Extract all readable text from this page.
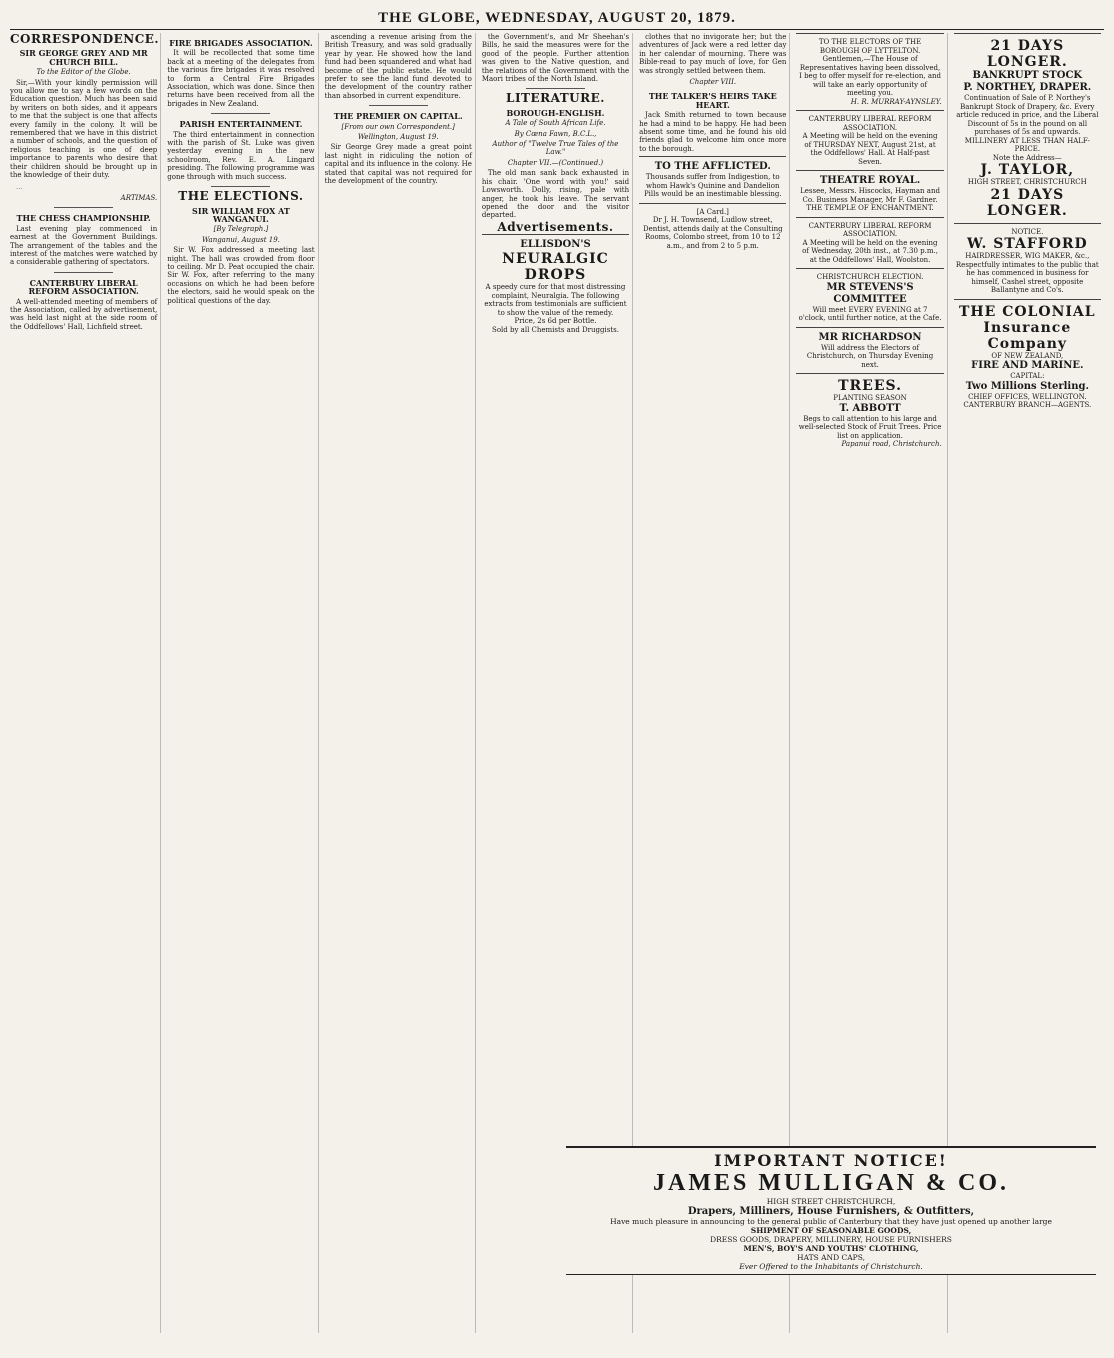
THE GLOBE, WEDNESDAY, AUGUST 20, 1879.
CORRESPONDENCE.
SIR GEORGE GREY AND MR CHURCH BILL.
To the Editor of the Globe.

Sir,—With your kindly permission will you allow me to say a few words on the Education question. Much has been said by writers on both sides, and it appears to me that the subject is one that affects every family in the colony. It will be remembered that we have in this district a number of schools, and the question of religious teaching is one of deep importance to parents who desire that their children should be brought up in the knowledge of their duty.

…

ARTIMAS.
THE CHESS CHAMPIONSHIP.

Last evening play commenced in earnest at the Government Buildings. The arrangement of the tables and the interest of the matches were watched by a considerable gathering of spectators.

CANTERBURY LIBERAL REFORM ASSOCIATION.

A well-attended meeting of members of the Association, called by advertisement, was held last night at the side room of the Oddfellows' Hall, Lichfield street.

FIRE BRIGADES ASSOCIATION.

It will be recollected that some time back at a meeting of the delegates from the various fire brigades it was resolved to form a Central Fire Brigades Association, which was done. Since then returns have been received from all the brigades in New Zealand.

PARISH ENTERTAINMENT.

The third entertainment in connection with the parish of St. Luke was given yesterday evening in the new schoolroom, Rev. E. A. Lingard presiding. The following programme was gone through with much success.

THE ELECTIONS.
SIR WILLIAM FOX AT WANGANUI.
[By Telegraph.]
Wanganui, August 19.

Sir W. Fox addressed a meeting last night. The hall was crowded from floor to ceiling. Mr D. Peat occupied the chair. Sir W. Fox, after referring to the many occasions on which he had been before the electors, said he would speak on the political questions of the day.

ascending a revenue arising from the British Treasury, and was sold gradually year by year. He showed how the land fund had been squandered and what had become of the public estate. He would prefer to see the land fund devoted to the development of the country rather than absorbed in current expenditure.

THE PREMIER ON CAPITAL.
[From our own Correspondent.]
Wellington, August 19.

Sir George Grey made a great point last night in ridiculing the notion of capital and its influence in the colony. He stated that capital was not required for the development of the country.

the Government's, and Mr Sheehan's Bills, he said the measures were for the good of the people. Further attention was given to the Native question, and the relations of the Government with the Maori tribes of the North Island.

LITERATURE.
BOROUGH-ENGLISH.
A Tale of South African Life.
By Cœna Fawn, B.C.L.,
Author of "Twelve True Tales of the Law."
Chapter VII.—(Continued.)

The old man sank back exhausted in his chair. 'One word with you!' said Lowsworth. Dolly, rising, pale with anger, he took his leave. The servant opened the door and the visitor departed.

Advertisements.
ELLISDON'S
NEURALGIC DROPS
A speedy cure for that most distressing complaint, Neuralgia. The following extracts from testimonials are sufficient to show the value of the remedy.
Price, 2s 6d per Bottle.
Sold by all Chemists and Druggists.

clothes that no invigorate her; but the adventures of Jack were a red letter day in her calendar of mourning. There was Bible-read to pay much of love, for Gen was strongly settled between them.

Chapter VIII.
THE TALKER'S HEIRS TAKE HEART.

Jack Smith returned to town because he had a mind to be happy. He had been absent some time, and he found his old friends glad to welcome him once more to the borough.

TO THE AFFLICTED.
Thousands suffer from Indigestion, to whom Hawk's Quinine and Dandelion Pills would be an inestimable blessing.
[A Card.]
Dr J. H. Townsend, Ludlow street, Dentist, attends daily at the Consulting Rooms, Colombo street, from 10 to 12 a.m., and from 2 to 5 p.m.
TO THE ELECTORS OF THE BOROUGH OF LYTTELTON.
Gentlemen,—The House of Representatives having been dissolved, I beg to offer myself for re-election, and will take an early opportunity of meeting you.
H. R. MURRAY-AYNSLEY.
CANTERBURY LIBERAL REFORM ASSOCIATION.
A Meeting will be held on the evening of THURSDAY NEXT, August 21st, at the Oddfellows' Hall. At Half-past Seven.
THEATRE ROYAL.
Lessee, Messrs. Hiscocks, Hayman and Co. Business Manager, Mr F. Gardner. THE TEMPLE OF ENCHANTMENT.
CANTERBURY LIBERAL REFORM ASSOCIATION.
A Meeting will be held on the evening of Wednesday, 20th inst., at 7.30 p.m., at the Oddfellows' Hall, Woolston.
CHRISTCHURCH ELECTION.
MR STEVENS'S COMMITTEE
Will meet EVERY EVENING at 7 o'clock, until further notice, at the Cafe.
MR RICHARDSON
Will address the Electors of Christchurch, on Thursday Evening next.
TREES.
PLANTING SEASON
T. ABBOTT
Begs to call attention to his large and well-selected Stock of Fruit Trees. Price list on application.
Papanui road, Christchurch.
21 DAYS LONGER.
BANKRUPT STOCK
P. NORTHEY, DRAPER.
Continuation of Sale of P. Northey's Bankrupt Stock of Drapery, &c. Every article reduced in price, and the Liberal Discount of 5s in the pound on all purchases of 5s and upwards.
MILLINERY AT LESS THAN HALF-PRICE.
Note the Address—
J. TAYLOR,
HIGH STREET, CHRISTCHURCH
21 DAYS LONGER.
NOTICE.
W. STAFFORD
HAIRDRESSER, WIG MAKER, &c.,
Respectfully intimates to the public that he has commenced in business for himself, Cashel street, opposite Ballantyne and Co's.
THE COLONIAL
Insurance Company
OF NEW ZEALAND,
FIRE AND MARINE.
CAPITAL:
Two Millions Sterling.
CHIEF OFFICES, WELLINGTON.
CANTERBURY BRANCH—AGENTS.
IMPORTANT NOTICE!
JAMES MULLIGAN & CO.
HIGH STREET CHRISTCHURCH,
Drapers, Milliners, House Furnishers, & Outfitters,
Have much pleasure in announcing to the general public of Canterbury that they have just opened up another large
SHIPMENT OF SEASONABLE GOODS,
DRESS GOODS, DRAPERY, MILLINERY, HOUSE FURNISHERS
MEN'S, BOY'S AND YOUTHS' CLOTHING,
HATS AND CAPS,
Ever Offered to the Inhabitants of Christchurch.
